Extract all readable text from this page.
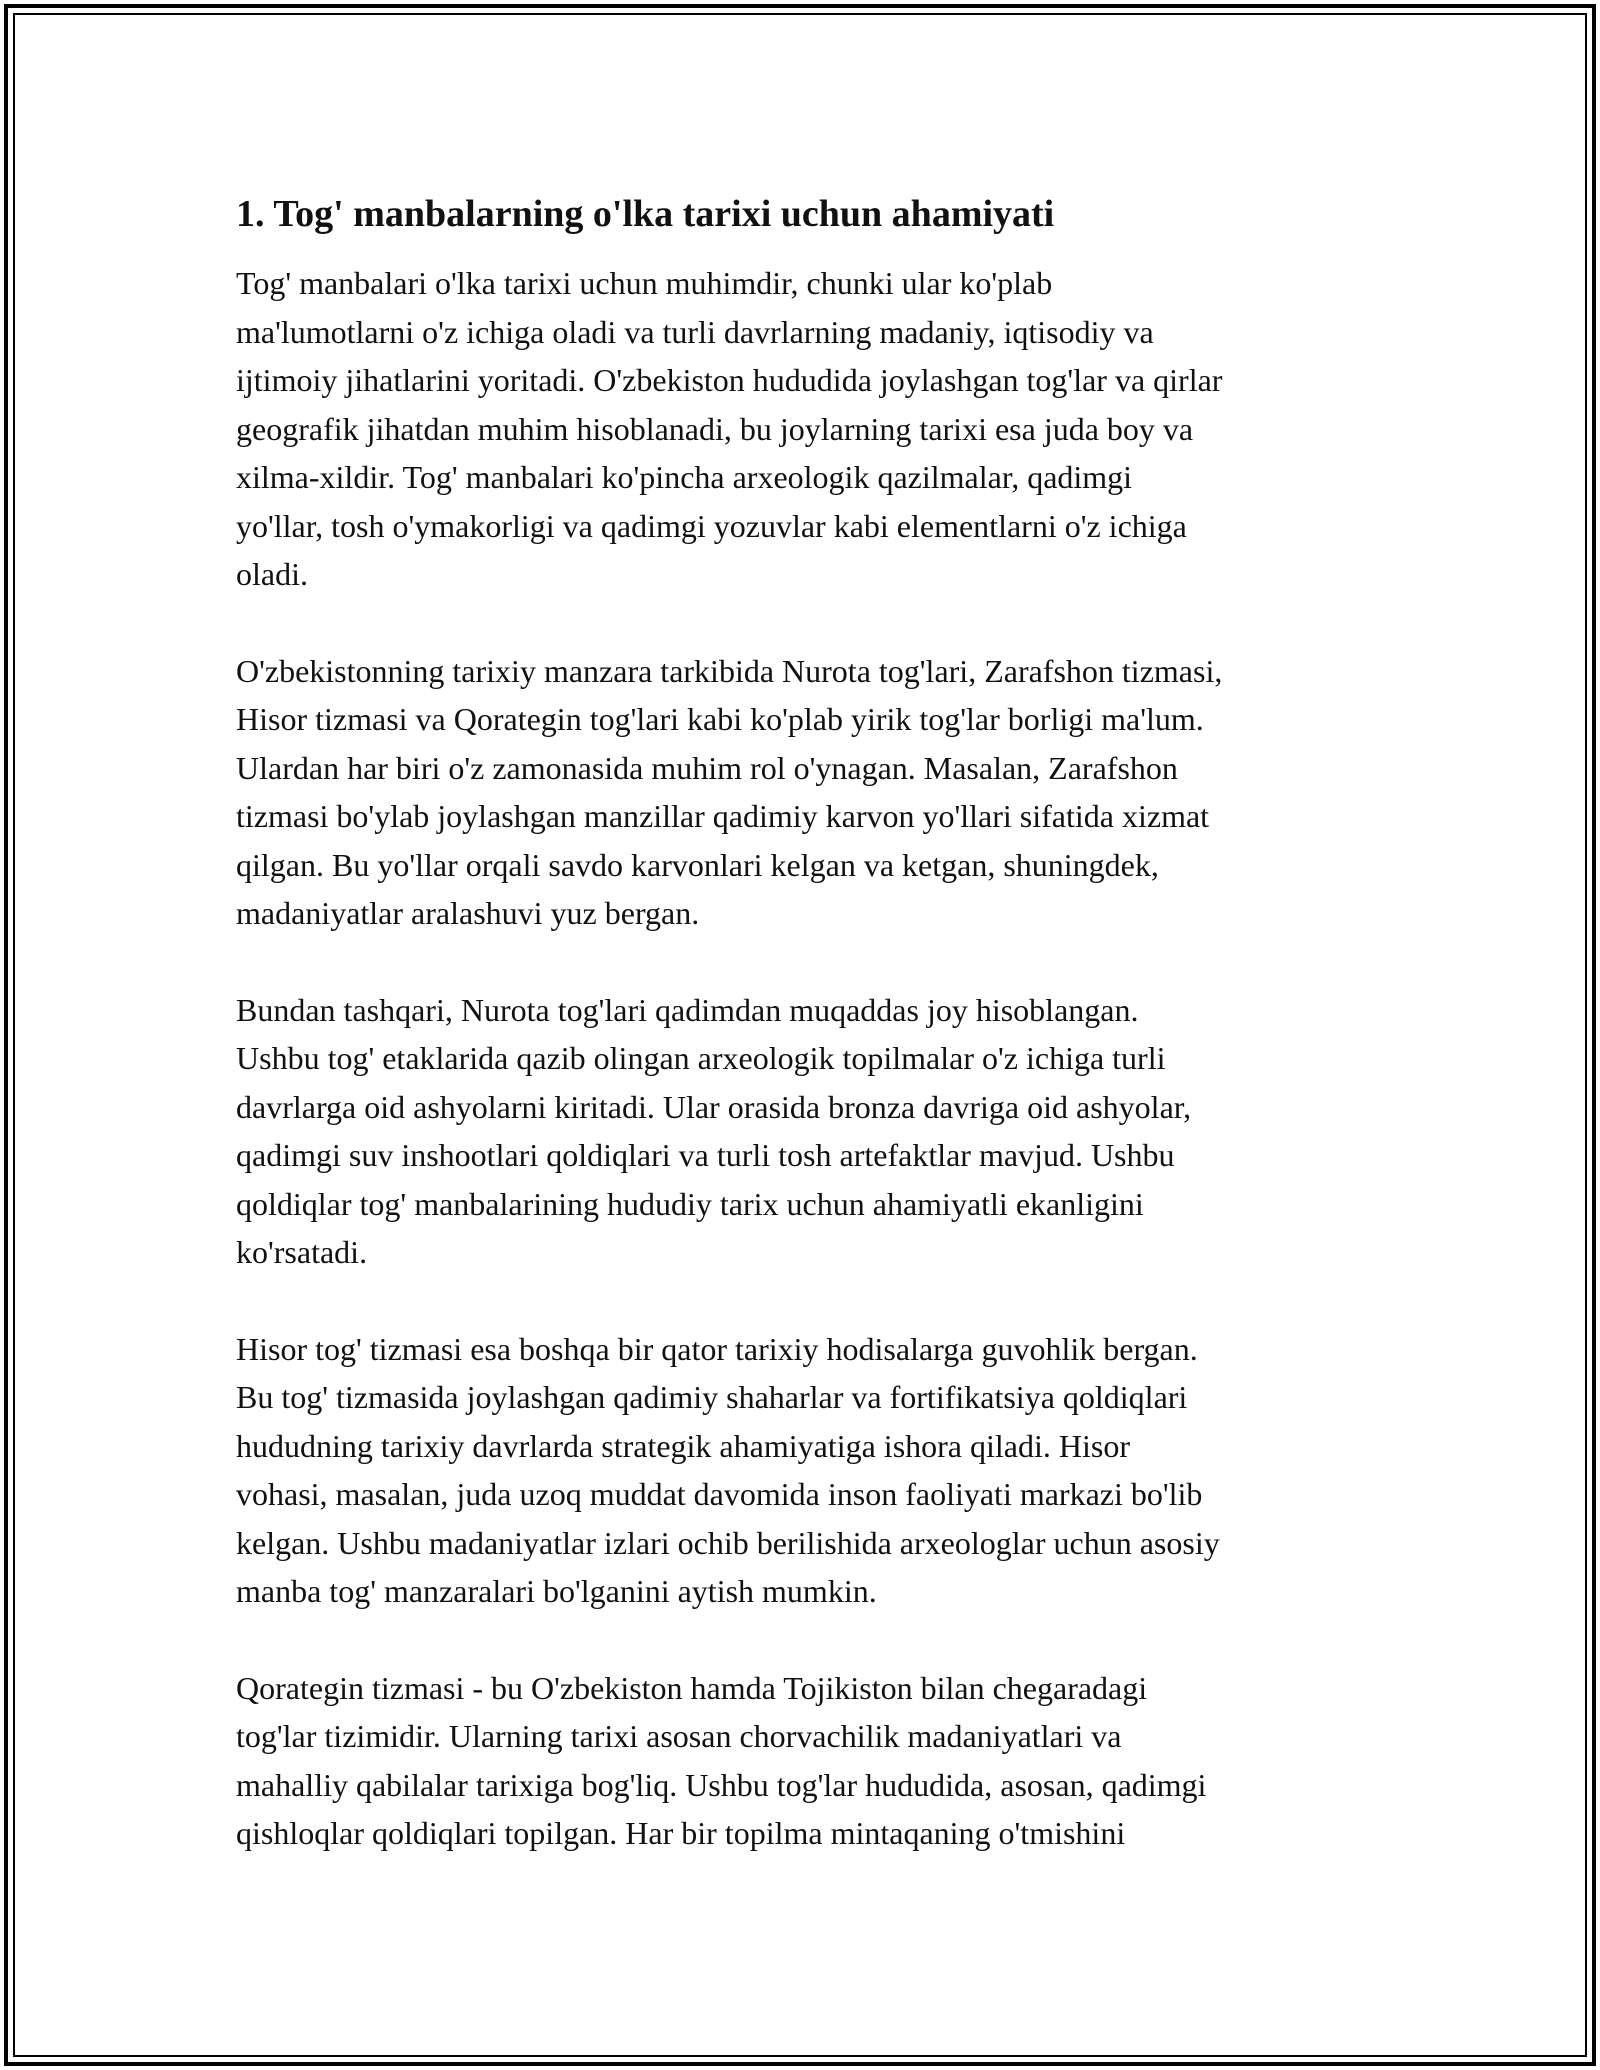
1. Tog' manbalarning o'lka tarixi uchun ahamiyati

Tog' manbalari o'lka tarixi uchun muhimdir, chunki ular ko'plab
ma'lumotlarni o'z ichiga oladi va turli davrlarning madaniy, iqtisodiy va
ijtimoiy jihatlarini yoritadi. O'zbekiston hududida joylashgan tog'lar va qirlar
geografik jihatdan muhim hisoblanadi, bu joylarning tarixi esa juda boy va
xilma-xildir. Tog' manbalari ko'pincha arxeologik qazilmalar, qadimgi
yo'llar, tosh o'ymakorligi va qadimgi yozuvlar kabi elementlarni o'z ichiga
oladi.

O'zbekistonning tarixiy manzara tarkibida Nurota tog'lari, Zarafshon tizmasi,
Hisor tizmasi va Qorategin tog'lari kabi ko'plab yirik tog'lar borligi ma'lum.
Ulardan har biri o'z zamonasida muhim rol o'ynagan. Masalan, Zarafshon
tizmasi bo'ylab joylashgan manzillar qadimiy karvon yo'llari sifatida xizmat
qilgan. Bu yo'llar orqali savdo karvonlari kelgan va ketgan, shuningdek,
madaniyatlar aralashuvi yuz bergan.

Bundan tashqari, Nurota tog'lari qadimdan muqaddas joy hisoblangan.
Ushbu tog' etaklarida qazib olingan arxeologik topilmalar o'z ichiga turli
davrlarga oid ashyolarni kiritadi. Ular orasida bronza davriga oid ashyolar,
qadimgi suv inshootlari qoldiqlari va turli tosh artefaktlar mavjud. Ushbu
qoldiqlar tog' manbalarining hududiy tarix uchun ahamiyatli ekanligini
ko'rsatadi.

Hisor tog' tizmasi esa boshqa bir qator tarixiy hodisalarga guvohlik bergan.
Bu tog' tizmasida joylashgan qadimiy shaharlar va fortifikatsiya qoldiqlari
hududning tarixiy davrlarda strategik ahamiyatiga ishora qiladi. Hisor
vohasi, masalan, juda uzoq muddat davomida inson faoliyati markazi bo'lib
kelgan. Ushbu madaniyatlar izlari ochib berilishida arxeologlar uchun asosiy
manba tog' manzaralari bo'lganini aytish mumkin.

Qorategin tizmasi - bu O'zbekiston hamda Tojikiston bilan chegaradagi
tog'lar tizimidir. Ularning tarixi asosan chorvachilik madaniyatlari va
mahalliy qabilalar tarixiga bog'liq. Ushbu tog'lar hududida, asosan, qadimgi
qishloqlar qoldiqlari topilgan. Har bir topilma mintaqaning o'tmishini
